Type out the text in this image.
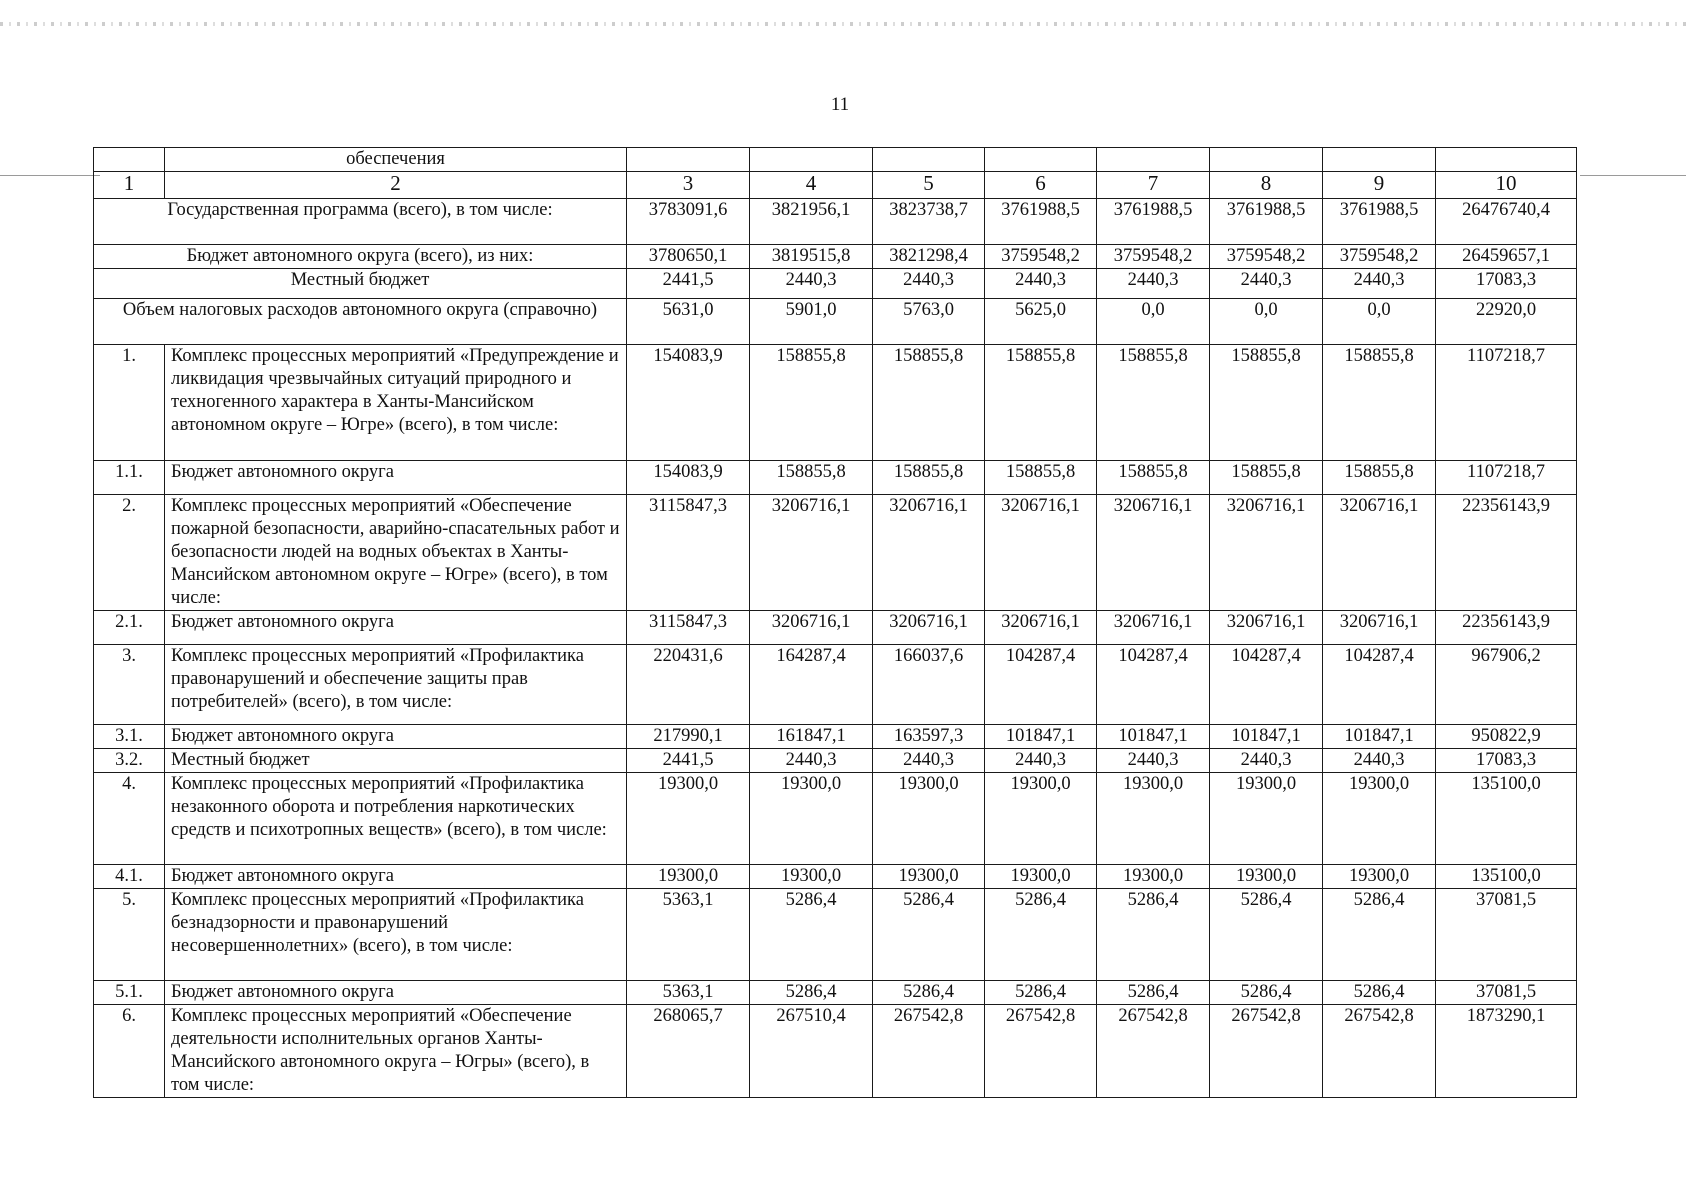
11
	обеспечения								
1	2	3	4	5	6	7	8	9	10
Государственная программа (всего), в том числе:		3783091,6	3821956,1	3823738,7	3761988,5	3761988,5	3761988,5	3761988,5	26476740,4
Бюджет автономного округа (всего), из них:		3780650,1	3819515,8	3821298,4	3759548,2	3759548,2	3759548,2	3759548,2	26459657,1
Местный бюджет		2441,5	2440,3	2440,3	2440,3	2440,3	2440,3	2440,3	17083,3
Объем налоговых расходов автономного округа (справочно)		5631,0	5901,0	5763,0	5625,0	0,0	0,0	0,0	22920,0
1.	Комплекс процессных мероприятий «Предупреждение и ликвидация чрезвычайных ситуаций природного и техногенного характера в Ханты-Мансийском автономном округе – Югре» (всего), в том числе:	154083,9	158855,8	158855,8	158855,8	158855,8	158855,8	158855,8	1107218,7
1.1.	Бюджет автономного округа	154083,9	158855,8	158855,8	158855,8	158855,8	158855,8	158855,8	1107218,7
2.	Комплекс процессных мероприятий «Обеспечение пожарной безопасности, аварийно-спасательных работ и безопасности людей на водных объектах в Ханты-Мансийском автономном округе – Югре» (всего), в том числе:	3115847,3	3206716,1	3206716,1	3206716,1	3206716,1	3206716,1	3206716,1	22356143,9
2.1.	Бюджет автономного округа	3115847,3	3206716,1	3206716,1	3206716,1	3206716,1	3206716,1	3206716,1	22356143,9
3.	Комплекс процессных мероприятий «Профилактика правонарушений и обеспечение защиты прав потребителей» (всего), в том числе:	220431,6	164287,4	166037,6	104287,4	104287,4	104287,4	104287,4	967906,2
3.1.	Бюджет автономного округа	217990,1	161847,1	163597,3	101847,1	101847,1	101847,1	101847,1	950822,9
3.2.	Местный бюджет	2441,5	2440,3	2440,3	2440,3	2440,3	2440,3	2440,3	17083,3
4.	Комплекс процессных мероприятий «Профилактика незаконного оборота и потребления наркотических средств и психотропных веществ» (всего), в том числе:	19300,0	19300,0	19300,0	19300,0	19300,0	19300,0	19300,0	135100,0
4.1.	Бюджет автономного округа	19300,0	19300,0	19300,0	19300,0	19300,0	19300,0	19300,0	135100,0
5.	Комплекс процессных мероприятий «Профилактика безнадзорности и правонарушений несовершеннолетних» (всего), в том числе:	5363,1	5286,4	5286,4	5286,4	5286,4	5286,4	5286,4	37081,5
5.1.	Бюджет автономного округа	5363,1	5286,4	5286,4	5286,4	5286,4	5286,4	5286,4	37081,5
6.	Комплекс процессных мероприятий «Обеспечение деятельности исполнительных органов Ханты-Мансийского автономного округа – Югры» (всего), в том числе:	268065,7	267510,4	267542,8	267542,8	267542,8	267542,8	267542,8	1873290,1
